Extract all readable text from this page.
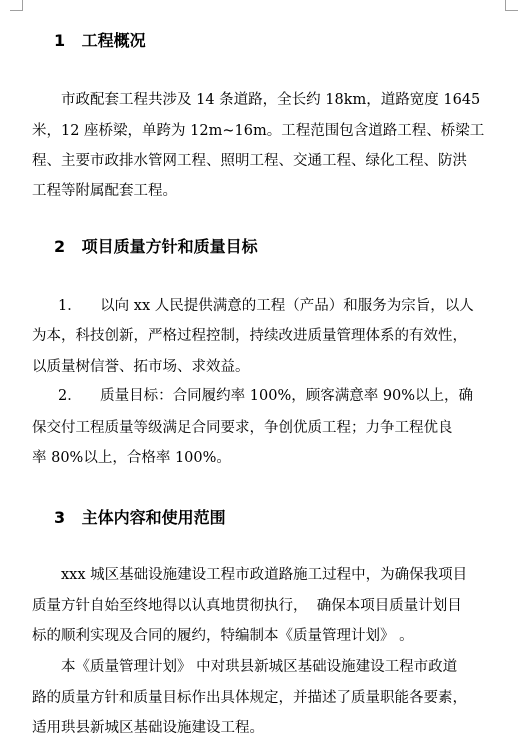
1 工程概况
市政配套工程共涉及 14 条道路，全长约 18km，道路宽度 1645
米，12 座桥梁，单跨为 12m~16m。工程范围包含道路工程、桥梁工
程、主要市政排水管网工程、照明工程、交通工程、绿化工程、防洪
工程等附属配套工程。
2 项目质量方针和质量目标
1．    以向 xx 人民提供满意的工程（产品）和服务为宗旨，以人
为本，科技创新，严格过程控制，持续改进质量管理体系的有效性，
以质量树信誉、拓市场、求效益。
2．    质量目标：合同履约率 100%，顾客满意率 90%以上，确
保交付工程质量等级满足合同要求，争创优质工程；力争工程优良
率 80%以上，合格率 100%。
3 主体内容和使用范围
xxx 城区基础设施建设工程市政道路施工过程中，为确保我项目
质量方针自始至终地得以认真地贯彻执行，  确保本项目质量计划目
标的顺利实现及合同的履约，特编制本《质量管理计划》 。
本《质量管理计划》 中对珙县新城区基础设施建设工程市政道
路的质量方针和质量目标作出具体规定，并描述了质量职能各要素，
适用珙县新城区基础设施建设工程。
